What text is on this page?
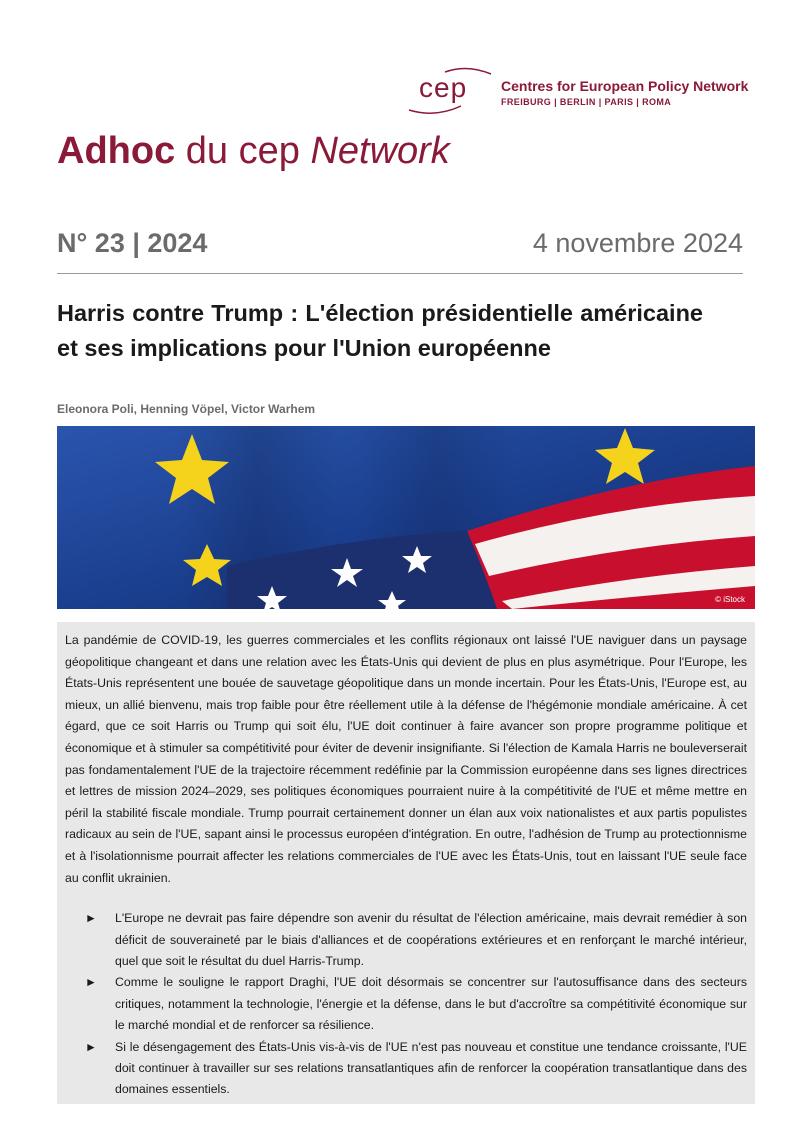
cep Centres for European Policy Network
FREIBURG | BERLIN | PARIS | ROMA
Adhoc du cep Network
N° 23 | 2024	4 novembre 2024
Harris contre Trump : L'élection présidentielle américaine et ses implications pour l'Union européenne
Eleonora Poli, Henning Vöpel, Victor Warhem
© iStock

La pandémie de COVID-19, les guerres commerciales et les conflits régionaux ont laissé l'UE naviguer dans un paysage géopolitique changeant et dans une relation avec les États-Unis qui devient de plus en plus asymétrique. Pour l'Europe, les États-Unis représentent une bouée de sauvetage géopolitique dans un monde incertain. Pour les États-Unis, l'Europe est, au mieux, un allié bienvenu, mais trop faible pour être réellement utile à la défense de l'hégémonie mondiale américaine. À cet égard, que ce soit Harris ou Trump qui soit élu, l'UE doit continuer à faire avancer son propre programme politique et économique et à stimuler sa compétitivité pour éviter de devenir insignifiante. Si l'élection de Kamala Harris ne bouleverserait pas fondamentalement l'UE de la trajectoire récemment redéfinie par la Commission européenne dans ses lignes directrices et lettres de mission 2024–2029, ses politiques économiques pourraient nuire à la compétitivité de l'UE et même mettre en péril la stabilité fiscale mondiale. Trump pourrait certainement donner un élan aux voix nationalistes et aux partis populistes radicaux au sein de l'UE, sapant ainsi le processus européen d'intégration. En outre, l'adhésion de Trump au protectionnisme et à l'isolationnisme pourrait affecter les relations commerciales de l'UE avec les États-Unis, tout en laissant l'UE seule face au conflit ukrainien.

► L'Europe ne devrait pas faire dépendre son avenir du résultat de l'élection américaine, mais devrait remédier à son déficit de souveraineté par le biais d'alliances et de coopérations extérieures et en renforçant le marché intérieur, quel que soit le résultat du duel Harris-Trump.
► Comme le souligne le rapport Draghi, l'UE doit désormais se concentrer sur l'autosuffisance dans des secteurs critiques, notamment la technologie, l'énergie et la défense, dans le but d'accroître sa compétitivité économique sur le marché mondial et de renforcer sa résilience.
► Si le désengagement des États-Unis vis-à-vis de l'UE n'est pas nouveau et constitue une tendance croissante, l'UE doit continuer à travailler sur ses relations transatlantiques afin de renforcer la coopération transatlantique dans des domaines essentiels.
